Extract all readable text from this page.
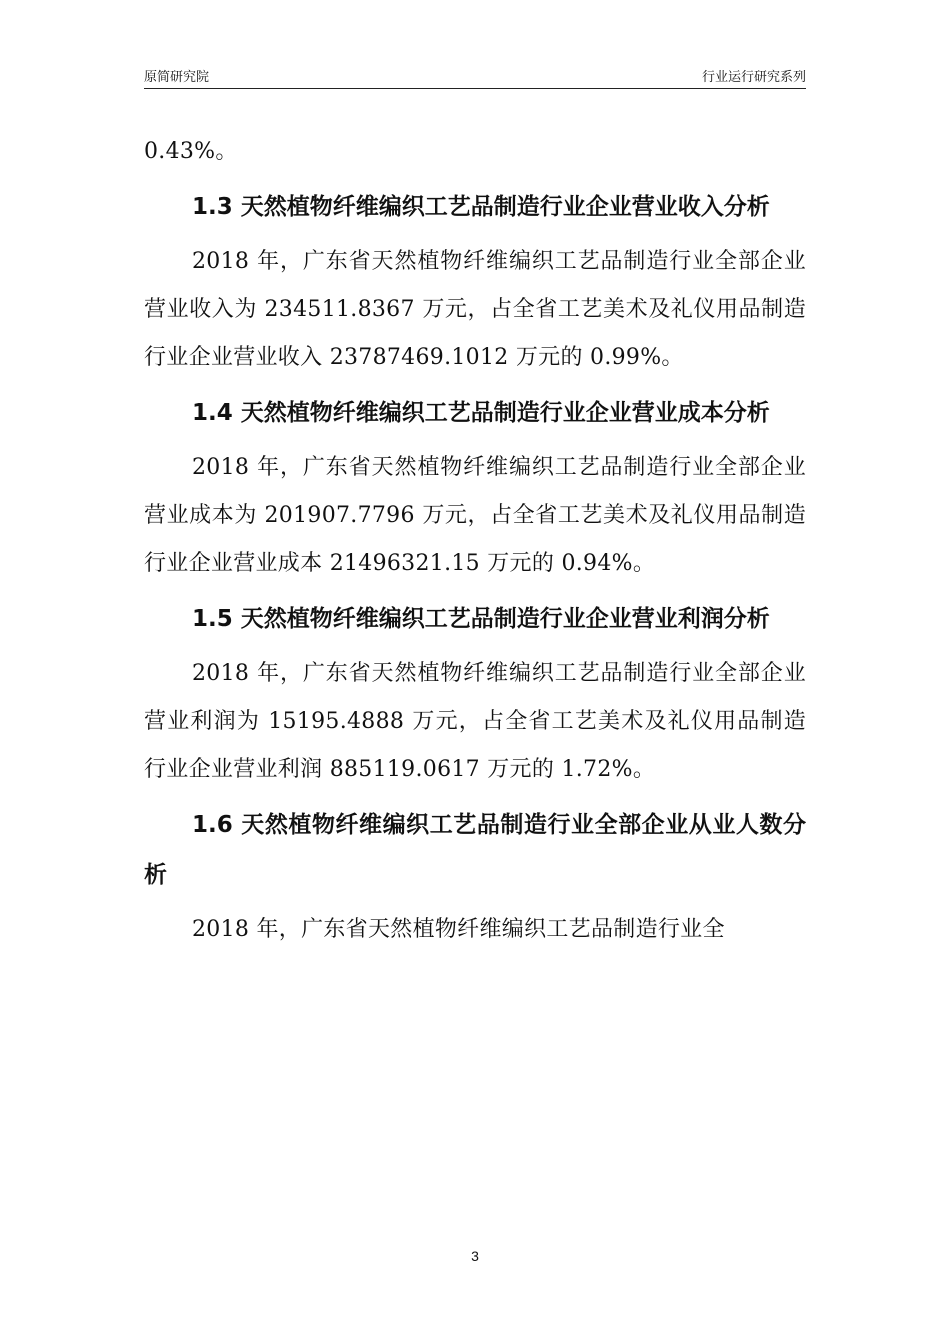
原简研究院	行业运行研究系列

0.43%。

1.3 天然植物纤维编织工艺品制造行业企业营业收入分析

2018 年，广东省天然植物纤维编织工艺品制造行业全部企业营业收入为 234511.8367 万元，占全省工艺美术及礼仪用品制造行业企业营业收入 23787469.1012 万元的 0.99%。

1.4 天然植物纤维编织工艺品制造行业企业营业成本分析

2018 年，广东省天然植物纤维编织工艺品制造行业全部企业营业成本为 201907.7796 万元，占全省工艺美术及礼仪用品制造行业企业营业成本 21496321.15 万元的 0.94%。

1.5 天然植物纤维编织工艺品制造行业企业营业利润分析

2018 年，广东省天然植物纤维编织工艺品制造行业全部企业营业利润为 15195.4888 万元，占全省工艺美术及礼仪用品制造行业企业营业利润 885119.0617 万元的 1.72%。

1.6 天然植物纤维编织工艺品制造行业全部企业从业人数分析

2018 年，广东省天然植物纤维编织工艺品制造行业全

3
